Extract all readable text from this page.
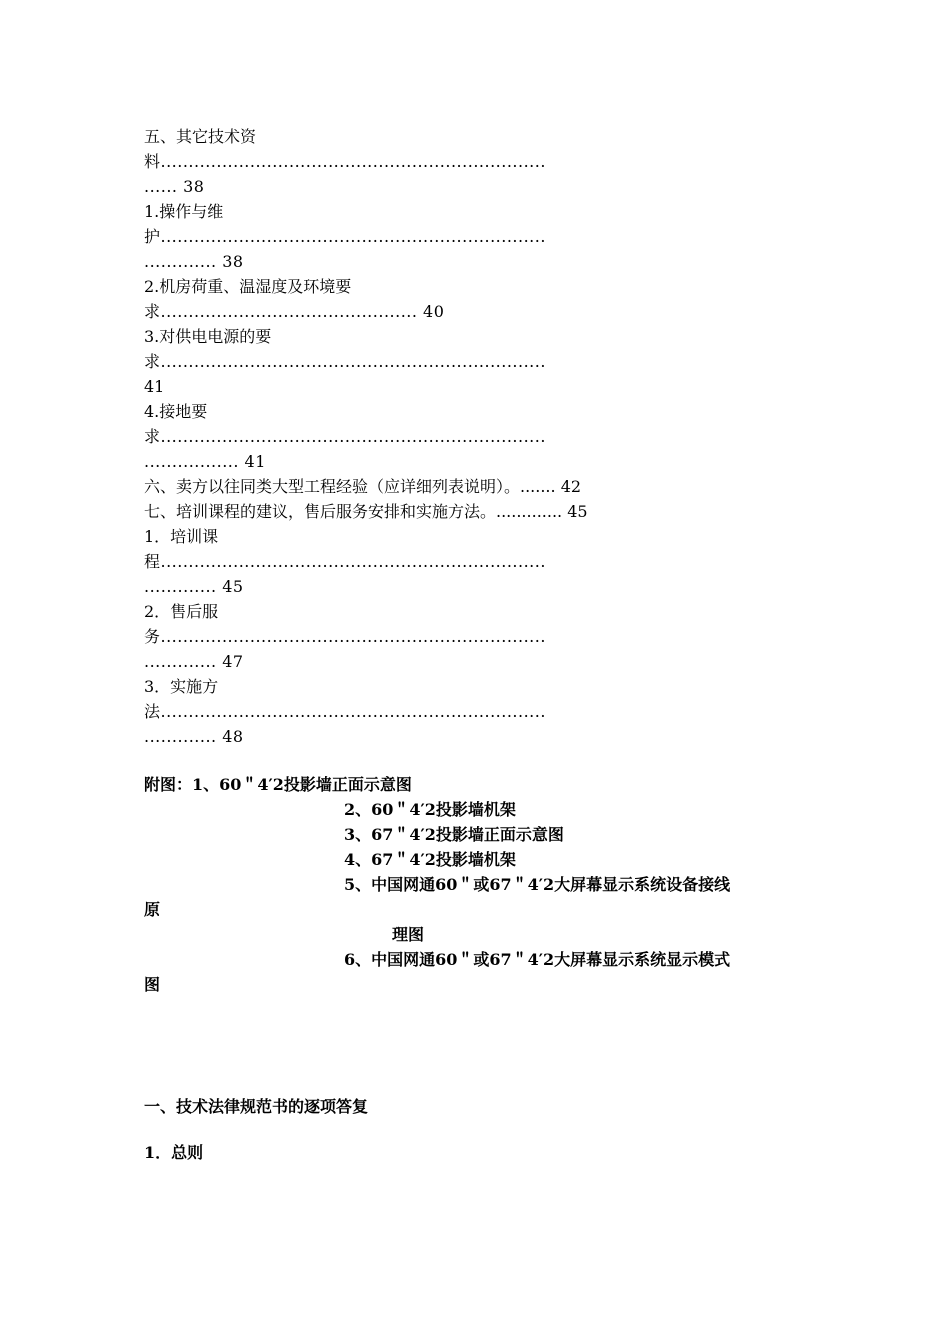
五、其它技术资
料.....................................................................
...... 38
1.操作与维
护.....................................................................
............. 38
2.机房荷重、温湿度及环境要
求.............................................. 40
3.对供电电源的要
求.....................................................................
41
4.接地要
求.....................................................................
................. 41
六、卖方以往同类大型工程经验（应详细列表说明）。....... 42
七、培训课程的建议，售后服务安排和实施方法。............. 45
1．培训课
程.....................................................................
............. 45
2．售后服
务.....................................................................
............. 47
3．实施方
法.....................................................................
............. 48
附图：1、60＂4′2投影墙正面示意图
2、60＂4′2投影墙机架
3、67＂4′2投影墙正面示意图
4、67＂4′2投影墙机架
5、中国网通60＂或67＂4′2大屏幕显示系统设备接线
原
理图
6、中国网通60＂或67＂4′2大屏幕显示系统显示模式
图
一、技术法律规范书的逐项答复
1．总则
